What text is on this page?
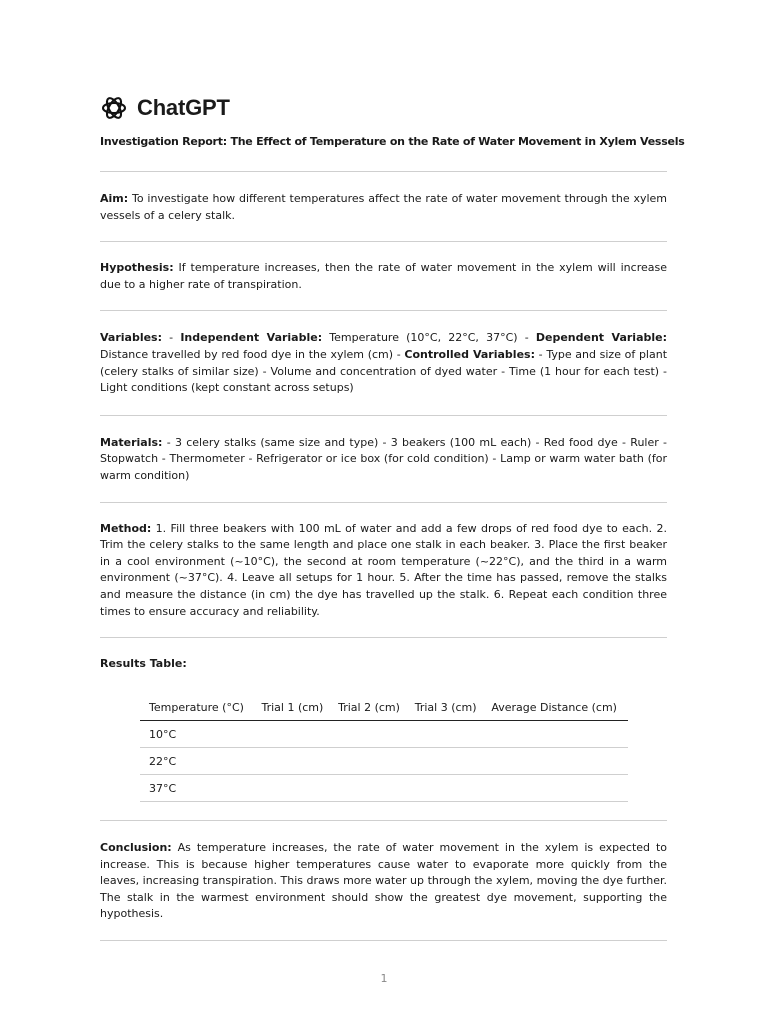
ChatGPT
Investigation Report: The Effect of Temperature on the Rate of Water Movement in Xylem Vessels

Aim: To investigate how different temperatures affect the rate of water movement through the xylem vessels of a celery stalk.

Hypothesis: If temperature increases, then the rate of water movement in the xylem will increase due to a higher rate of transpiration.

Variables: - Independent Variable: Temperature (10°C, 22°C, 37°C) - Dependent Variable: Distance travelled by red food dye in the xylem (cm) - Controlled Variables: - Type and size of plant (celery stalks of similar size) - Volume and concentration of dyed water - Time (1 hour for each test) - Light conditions (kept constant across setups)

Materials: - 3 celery stalks (same size and type) - 3 beakers (100 mL each) - Red food dye - Ruler - Stopwatch - Thermometer - Refrigerator or ice box (for cold condition) - Lamp or warm water bath (for warm condition)

Method: 1. Fill three beakers with 100 mL of water and add a few drops of red food dye to each. 2. Trim the celery stalks to the same length and place one stalk in each beaker. 3. Place the first beaker in a cool environment (~10°C), the second at room temperature (~22°C), and the third in a warm environment (~37°C). 4. Leave all setups for 1 hour. 5. After the time has passed, remove the stalks and measure the distance (in cm) the dye has travelled up the stalk. 6. Repeat each condition three times to ensure accuracy and reliability.

Results Table:
Temperature (°C)	Trial 1 (cm)	Trial 2 (cm)	Trial 3 (cm)	Average Distance (cm)
10°C				
22°C				
37°C				

Conclusion: As temperature increases, the rate of water movement in the xylem is expected to increase. This is because higher temperatures cause water to evaporate more quickly from the leaves, increasing transpiration. This draws more water up through the xylem, moving the dye further. The stalk in the warmest environment should show the greatest dye movement, supporting the hypothesis.

1
